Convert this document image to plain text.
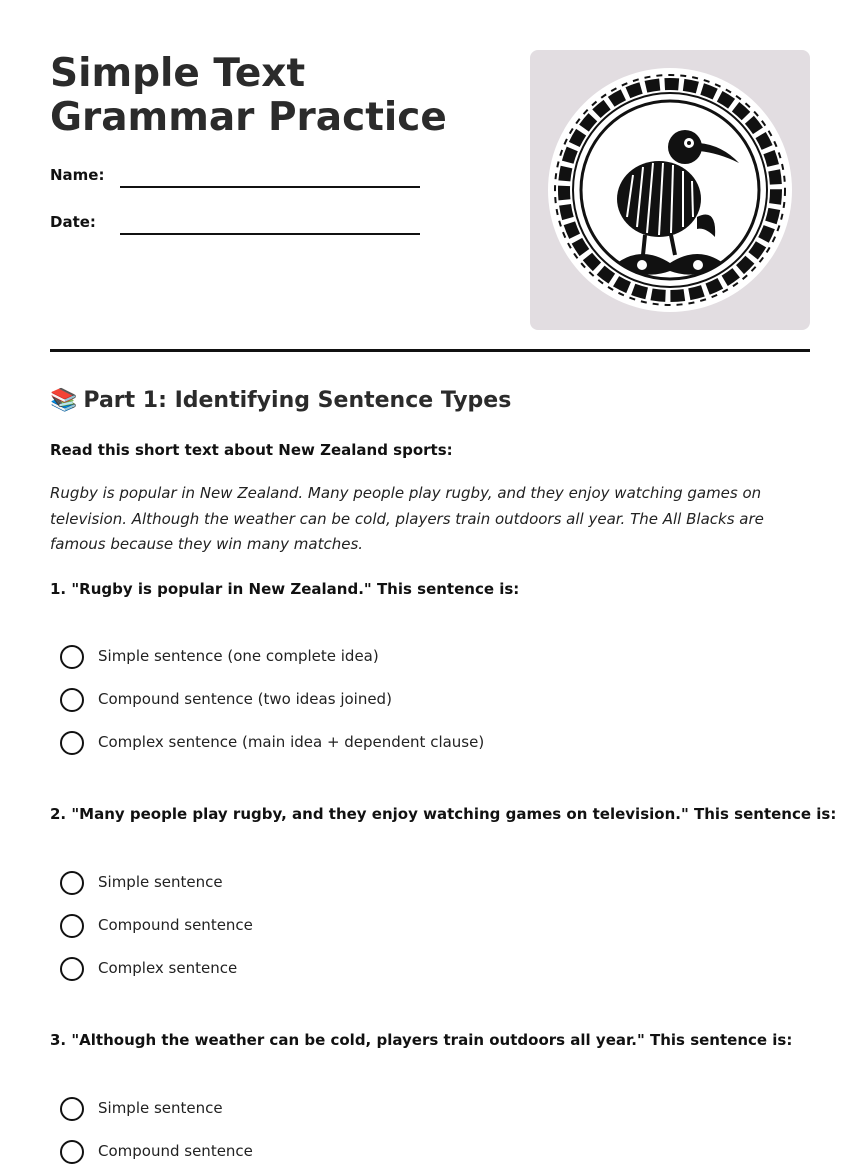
Simple Text Grammar Practice
Name:
Date:
📚 Part 1: Identifying Sentence Types
Read this short text about New Zealand sports:
Rugby is popular in New Zealand. Many people play rugby, and they enjoy watching games on television. Although the weather can be cold, players train outdoors all year. The All Blacks are famous because they win many matches.
1. "Rugby is popular in New Zealand." This sentence is:
Simple sentence (one complete idea)
Compound sentence (two ideas joined)
Complex sentence (main idea + dependent clause)
2. "Many people play rugby, and they enjoy watching games on television." This sentence is:
Simple sentence
Compound sentence
Complex sentence
3. "Although the weather can be cold, players train outdoors all year." This sentence is:
Simple sentence
Compound sentence
